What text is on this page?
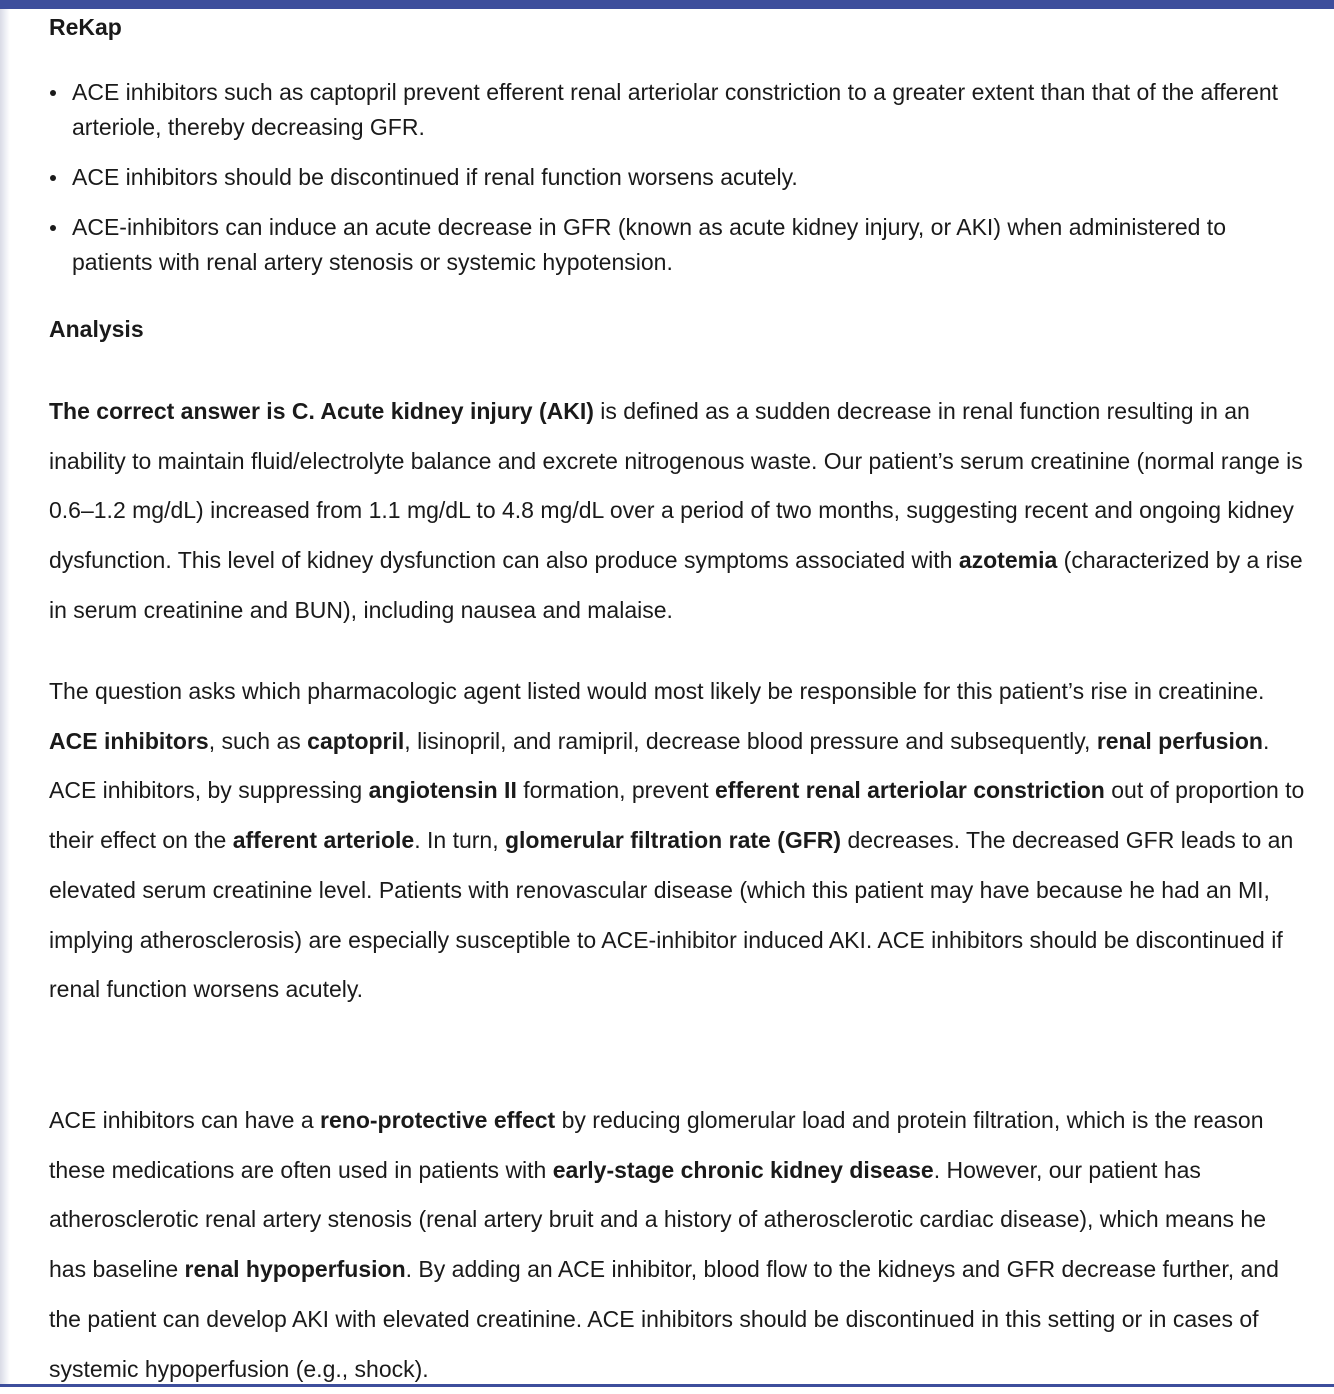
ReKap
ACE inhibitors such as captopril prevent efferent renal arteriolar constriction to a greater extent than that of the afferent arteriole, thereby decreasing GFR.
ACE inhibitors should be discontinued if renal function worsens acutely.
ACE-inhibitors can induce an acute decrease in GFR (known as acute kidney injury, or AKI) when administered to patients with renal artery stenosis or systemic hypotension.
Analysis

The correct answer is C. Acute kidney injury (AKI) is defined as a sudden decrease in renal function resulting in an inability to maintain fluid/electrolyte balance and excrete nitrogenous waste. Our patient’s serum creatinine (normal range is 0.6–1.2 mg/dL) increased from 1.1 mg/dL to 4.8 mg/dL over a period of two months, suggesting recent and ongoing kidney dysfunction. This level of kidney dysfunction can also produce symptoms associated with azotemia (characterized by a rise in serum creatinine and BUN), including nausea and malaise.

The question asks which pharmacologic agent listed would most likely be responsible for this patient’s rise in creatinine. ACE inhibitors, such as captopril, lisinopril, and ramipril, decrease blood pressure and subsequently, renal perfusion. ACE inhibitors, by suppressing angiotensin II formation, prevent efferent renal arteriolar constriction out of proportion to their effect on the afferent arteriole. In turn, glomerular filtration rate (GFR) decreases. The decreased GFR leads to an elevated serum creatinine level. Patients with renovascular disease (which this patient may have because he had an MI, implying atherosclerosis) are especially susceptible to ACE-inhibitor induced AKI. ACE inhibitors should be discontinued if renal function worsens acutely.

ACE inhibitors can have a reno-protective effect by reducing glomerular load and protein filtration, which is the reason these medications are often used in patients with early-stage chronic kidney disease. However, our patient has atherosclerotic renal artery stenosis (renal artery bruit and a history of atherosclerotic cardiac disease), which means he has baseline renal hypoperfusion. By adding an ACE inhibitor, blood flow to the kidneys and GFR decrease further, and the patient can develop AKI with elevated creatinine. ACE inhibitors should be discontinued in this setting or in cases of systemic hypoperfusion (e.g., shock).
